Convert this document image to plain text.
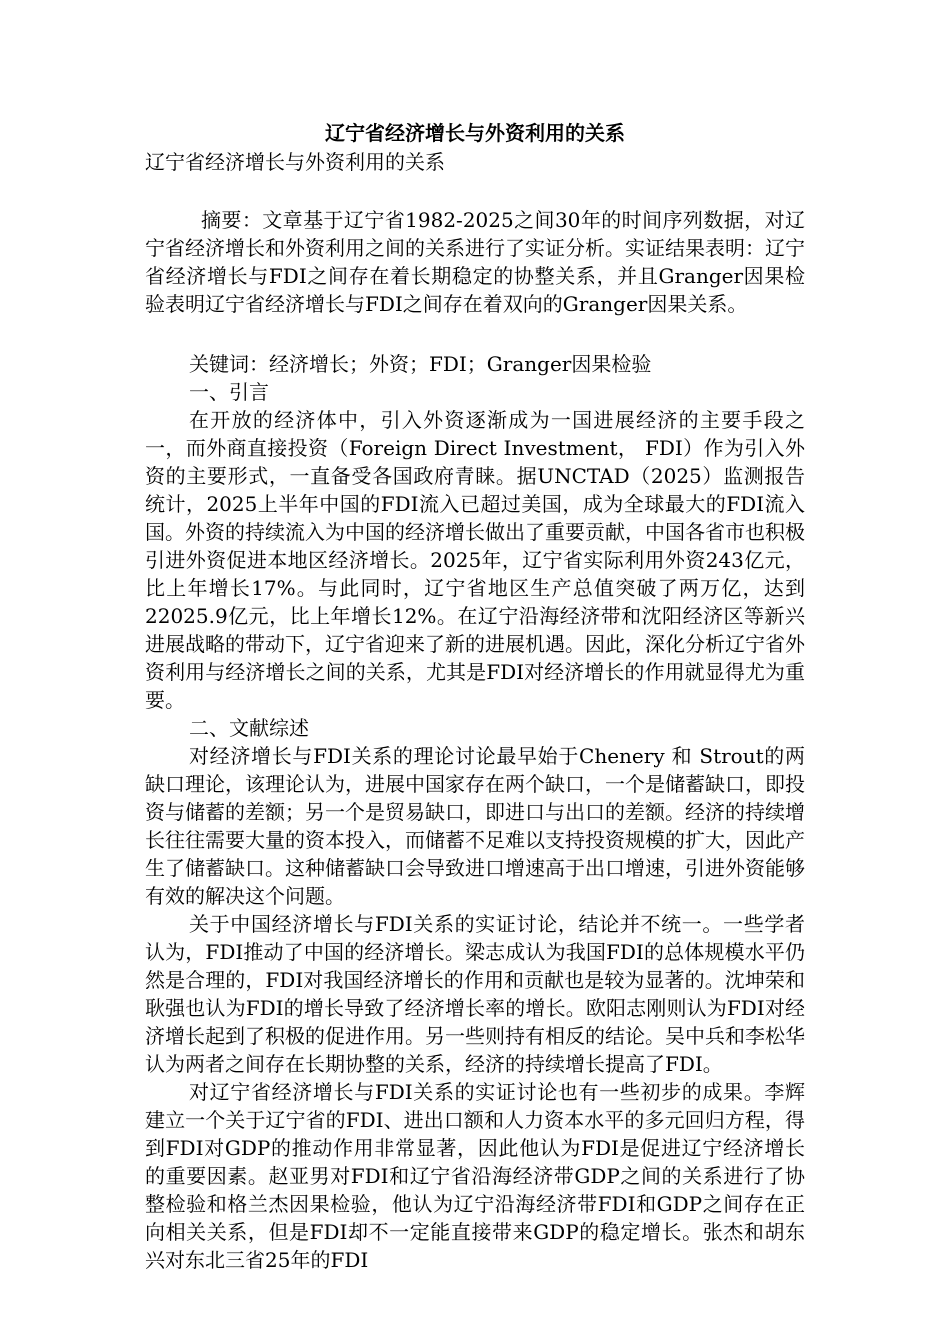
辽宁省经济增长与外资利用的关系

辽宁省经济增长与外资利用的关系

摘要：文章基于辽宁省1982-2025之间30年的时间序列数据，对辽宁省经济增长和外资利用之间的关系进行了实证分析。实证结果表明：辽宁省经济增长与FDI之间存在着长期稳定的协整关系，并且Granger因果检验表明辽宁省经济增长与FDI之间存在着双向的Granger因果关系。

关键词：经济增长；外资；FDI；Granger因果检验

一、引言

在开放的经济体中，引入外资逐渐成为一国进展经济的主要手段之一，而外商直接投资（Foreign Direct Investment， FDI）作为引入外资的主要形式，一直备受各国政府青睐。据UNCTAD（2025）监测报告统计，2025上半年中国的FDI流入已超过美国，成为全球最大的FDI流入国。外资的持续流入为中国的经济增长做出了重要贡献，中国各省市也积极引进外资促进本地区经济增长。2025年，辽宁省实际利用外资243亿元，比上年增长17%。与此同时，辽宁省地区生产总值突破了两万亿，达到22025.9亿元，比上年增长12%。在辽宁沿海经济带和沈阳经济区等新兴进展战略的带动下，辽宁省迎来了新的进展机遇。因此，深化分析辽宁省外资利用与经济增长之间的关系，尤其是FDI对经济增长的作用就显得尤为重要。

二、文献综述

对经济增长与FDI关系的理论讨论最早始于Chenery 和 Strout的两缺口理论，该理论认为，进展中国家存在两个缺口，一个是储蓄缺口，即投资与储蓄的差额；另一个是贸易缺口，即进口与出口的差额。经济的持续增长往往需要大量的资本投入，而储蓄不足难以支持投资规模的扩大，因此产生了储蓄缺口。这种储蓄缺口会导致进口增速高于出口增速，引进外资能够有效的解决这个问题。

关于中国经济增长与FDI关系的实证讨论，结论并不统一。一些学者认为，FDI推动了中国的经济增长。梁志成认为我国FDI的总体规模水平仍然是合理的，FDI对我国经济增长的作用和贡献也是较为显著的。沈坤荣和耿强也认为FDI的增长导致了经济增长率的增长。欧阳志刚则认为FDI对经济增长起到了积极的促进作用。另一些则持有相反的结论。吴中兵和李松华认为两者之间存在长期协整的关系，经济的持续增长提高了FDI。

对辽宁省经济增长与FDI关系的实证讨论也有一些初步的成果。李辉建立一个关于辽宁省的FDI、进出口额和人力资本水平的多元回归方程，得到FDI对GDP的推动作用非常显著，因此他认为FDI是促进辽宁经济增长的重要因素。赵亚男对FDI和辽宁省沿海经济带GDP之间的关系进行了协整检验和格兰杰因果检验，他认为辽宁沿海经济带FDI和GDP之间存在正向相关关系，但是FDI却不一定能直接带来GDP的稳定增长。张杰和胡东兴对东北三省25年的FDI
